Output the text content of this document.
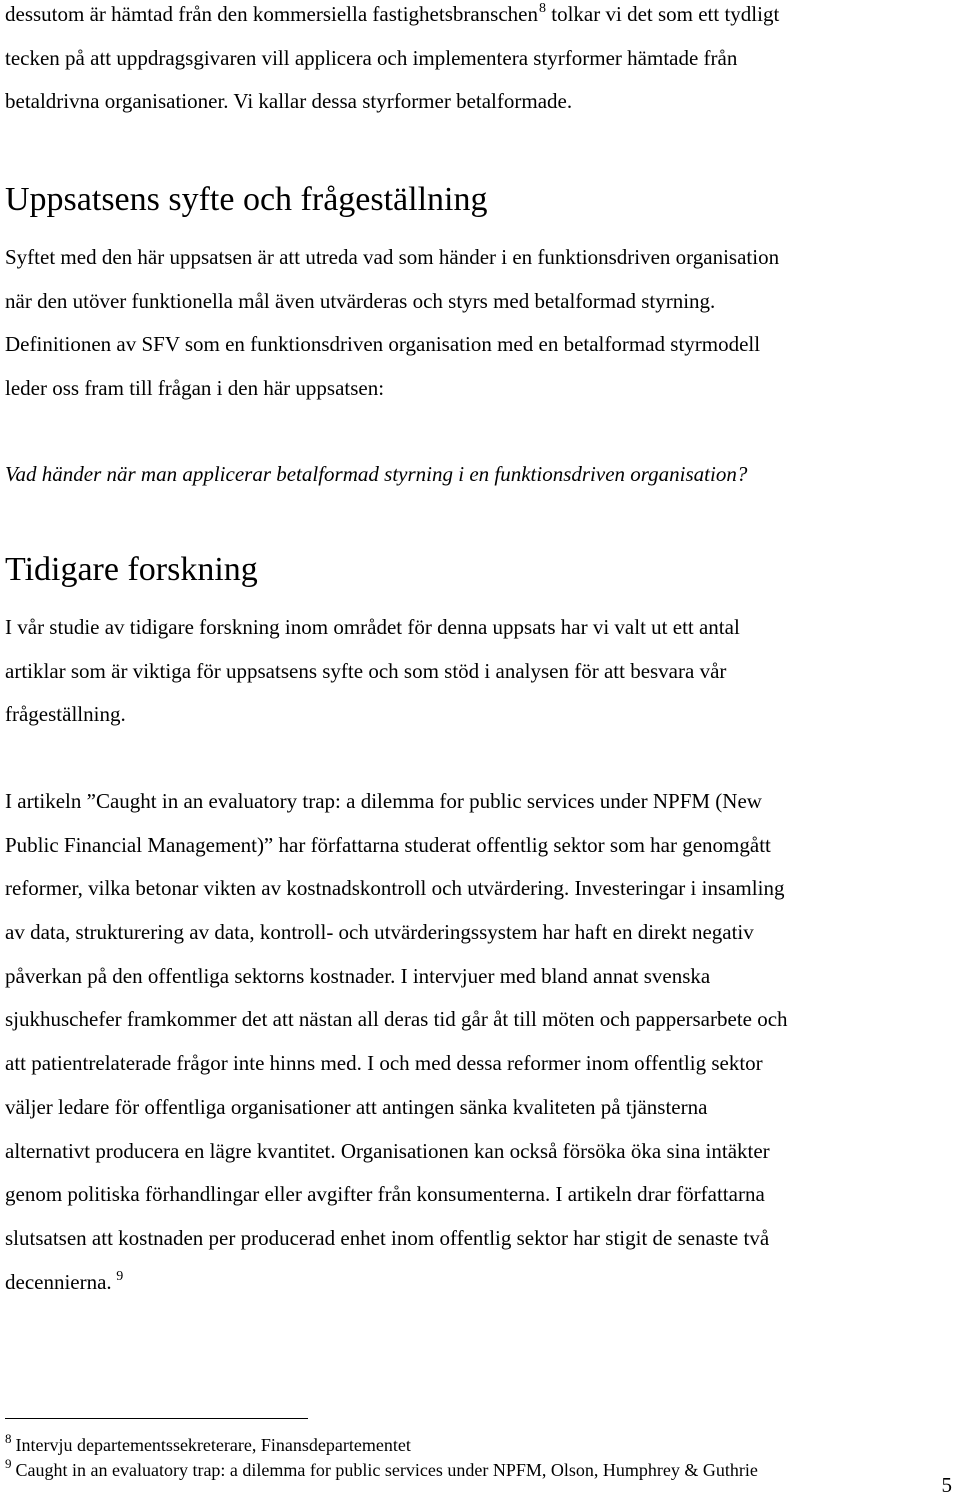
dessutom är hämtad från den kommersiella fastighetsbranschen$^8$ tolkar vi det som ett tydligt
tecken på att uppdragsgivaren vill applicera och implementera styrformer hämtade från
betaldrivna organisationer. Vi kallar dessa styrformer betalformade.

Uppsatsens syfte och frågeställning

Syftet med den här uppsatsen är att utreda vad som händer i en funktionsdriven organisation
när den utöver funktionella mål även utvärderas och styrs med betalformad styrning.
Definitionen av SFV som en funktionsdriven organisation med en betalformad styrmodell
leder oss fram till frågan i den här uppsatsen:

Vad händer när man applicerar betalformad styrning i en funktionsdriven organisation?

Tidigare forskning

I vår studie av tidigare forskning inom området för denna uppsats har vi valt ut ett antal
artiklar som är viktiga för uppsatsens syfte och som stöd i analysen för att besvara vår
frågeställning.

I artikeln ”Caught in an evaluatory trap: a dilemma for public services under NPFM (New
Public Financial Management)” har författarna studerat offentlig sektor som har genomgått
reformer, vilka betonar vikten av kostnadskontroll och utvärdering. Investeringar i insamling
av data, strukturering av data, kontroll- och utvärderingssystem har haft en direkt negativ
påverkan på den offentliga sektorns kostnader. I intervjuer med bland annat svenska
sjukhuschefer framkommer det att nästan all deras tid går åt till möten och pappersarbete och
att patientrelaterade frågor inte hinns med. I och med dessa reformer inom offentlig sektor
väljer ledare för offentliga organisationer att antingen sänka kvaliteten på tjänsterna
alternativt producera en lägre kvantitet. Organisationen kan också försöka öka sina intäkter
genom politiska förhandlingar eller avgifter från konsumenterna. I artikeln drar författarna
slutsatsen att kostnaden per producerad enhet inom offentlig sektor har stigit de senaste två
decennierna. $^9$

$^8$ Intervju departementssekreterare, Finansdepartementet

$^9$ Caught in an evaluatory trap: a dilemma for public services under NPFM, Olson, Humphrey & Guthrie

5
